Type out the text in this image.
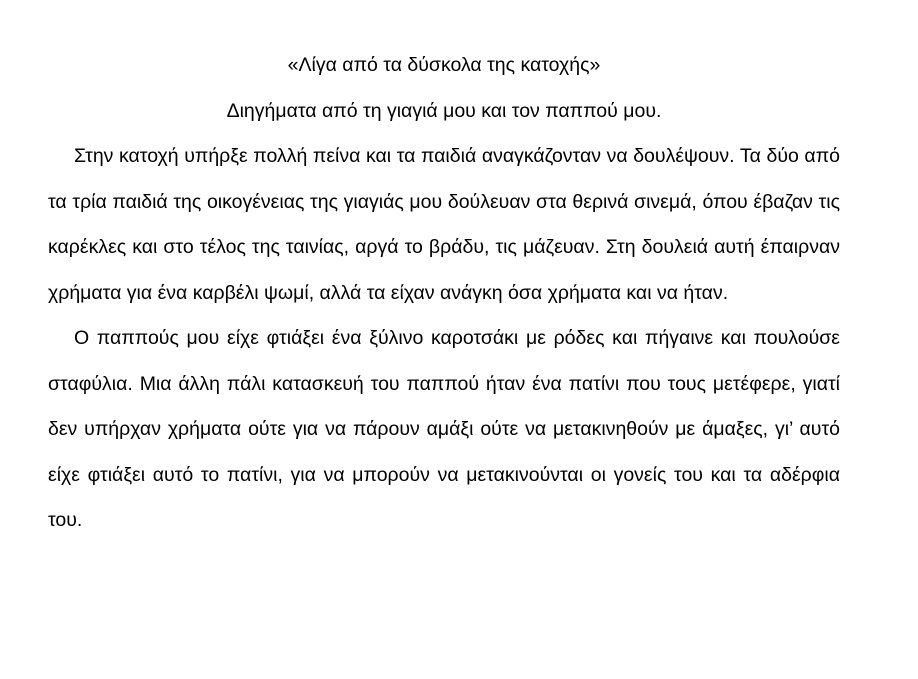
«Λίγα από τα δύσκολα της κατοχής»

Διηγήματα από τη γιαγιά μου και τον παππού μου.

Στην κατοχή υπήρξε πολλή πείνα και τα παιδιά αναγκάζονταν να δουλέψουν. Τα δύο από τα τρία παιδιά της οικογένειας της γιαγιάς μου δούλευαν στα θερινά σινεμά, όπου έβαζαν τις καρέκλες και στο τέλος της ταινίας, αργά το βράδυ, τις μάζευαν. Στη δουλειά αυτή έπαιρναν χρήματα για ένα καρβέλι ψωμί, αλλά τα είχαν ανάγκη όσα χρήματα και να ήταν.

Ο παππούς μου είχε φτιάξει ένα ξύλινο καροτσάκι με ρόδες και πήγαινε και πουλούσε σταφύλια. Μια άλλη πάλι κατασκευή του παππού ήταν ένα πατίνι που τους μετέφερε, γιατί δεν υπήρχαν χρήματα ούτε για να πάρουν αμάξι ούτε να μετακινηθούν με άμαξες, γι’ αυτό είχε φτιάξει αυτό το πατίνι, για να μπορούν να μετακινούνται οι γονείς του και τα αδέρφια του.
